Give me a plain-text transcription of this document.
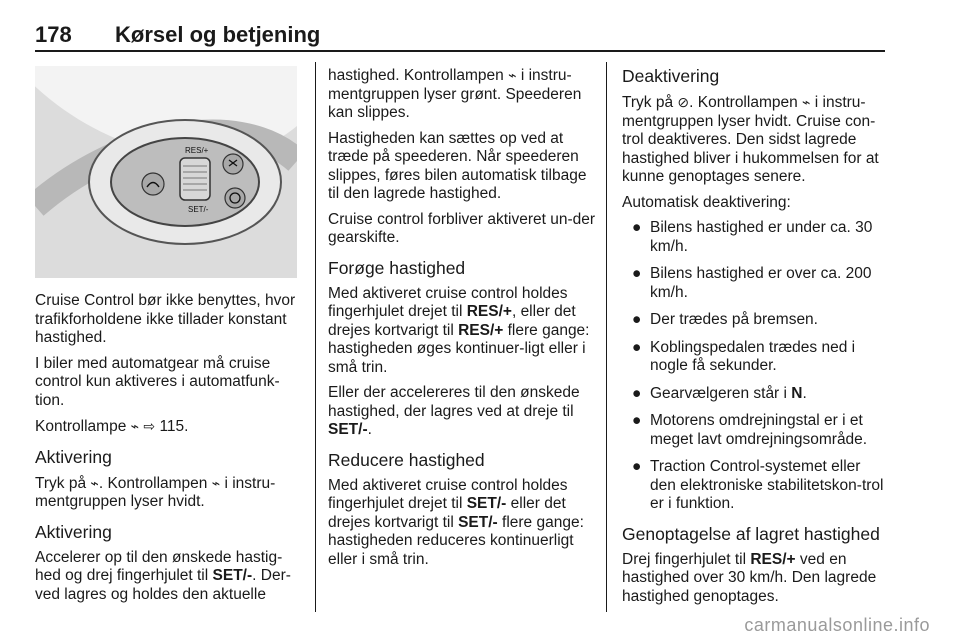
178 Kørsel og betjening
RES/+
SET/-

Cruise Control bør ikke benyttes, hvor trafikforholdene ikke tillader konstant hastighed.

I biler med automatgear må cruise control kun aktiveres i automatfunk-tion.

Kontrollampe ⌁ ⇨ 115.

Aktivering

Tryk på ⌁. Kontrollampen ⌁ i instru-mentgruppen lyser hvidt.

Aktivering

Accelerer op til den ønskede hastig-hed og drej fingerhjulet til SET/-. Der-ved lagres og holdes den aktuelle

hastighed. Kontrollampen ⌁ i instru-mentgruppen lyser grønt. Speederen kan slippes.

Hastigheden kan sættes op ved at træde på speederen. Når speederen slippes, føres bilen automatisk tilbage til den lagrede hastighed.

Cruise control forbliver aktiveret un-der gearskifte.

Forøge hastighed

Med aktiveret cruise control holdes fingerhjulet drejet til RES/+, eller det drejes kortvarigt til RES/+ flere gange: hastigheden øges kontinuer-ligt eller i små trin.

Eller der accelereres til den ønskede hastighed, der lagres ved at dreje til SET/-.

Reducere hastighed

Med aktiveret cruise control holdes fingerhjulet drejet til SET/- eller det drejes kortvarigt til SET/- flere gange: hastigheden reduceres kontinuerligt eller i små trin.

Deaktivering

Tryk på ⊘. Kontrollampen ⌁ i instru-mentgruppen lyser hvidt. Cruise con-trol deaktiveres. Den sidst lagrede hastighed bliver i hukommelsen for at kunne genoptages senere.

Automatisk deaktivering:

● Bilens hastighed er under ca. 30 km/h.
● Bilens hastighed er over ca. 200 km/h.
● Der trædes på bremsen.
● Koblingspedalen trædes ned i nogle få sekunder.
● Gearvælgeren står i N.
● Motorens omdrejningstal er i et meget lavt omdrejningsområde.
● Traction Control-systemet eller den elektroniske stabilitetskon-trol er i funktion.
Genoptagelse af lagret hastighed

Drej fingerhjulet til RES/+ ved en hastighed over 30 km/h. Den lagrede hastighed genoptages.

carmanualsonline.info
